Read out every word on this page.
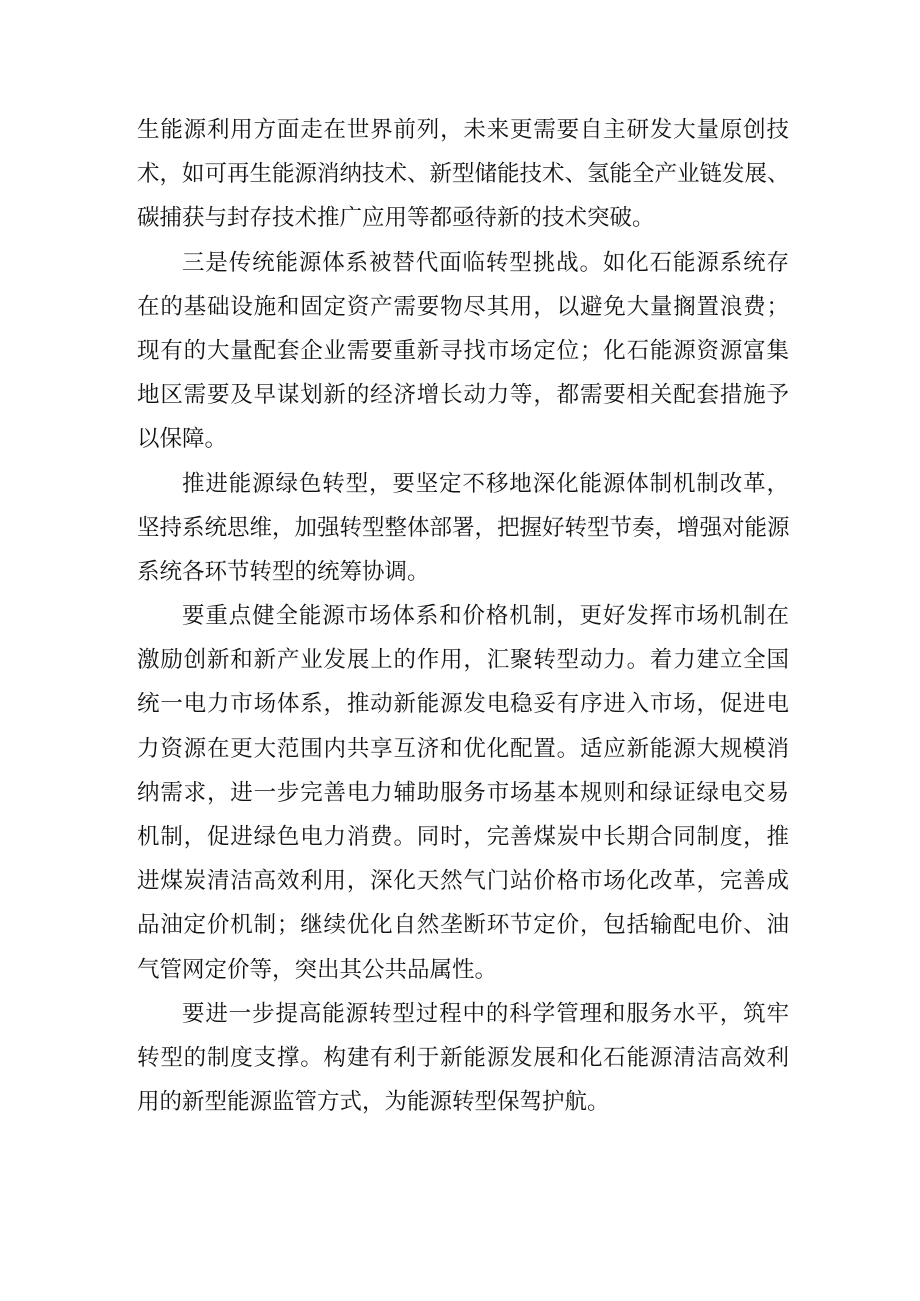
生能源利用方面走在世界前列，未来更需要自主研发大量原创技
术，如可再生能源消纳技术、新型储能技术、氢能全产业链发展、
碳捕获与封存技术推广应用等都亟待新的技术突破。

三是传统能源体系被替代面临转型挑战。如化石能源系统存
在的基础设施和固定资产需要物尽其用，以避免大量搁置浪费；
现有的大量配套企业需要重新寻找市场定位；化石能源资源富集
地区需要及早谋划新的经济增长动力等，都需要相关配套措施予
以保障。

推进能源绿色转型，要坚定不移地深化能源体制机制改革，
坚持系统思维，加强转型整体部署，把握好转型节奏，增强对能源
系统各环节转型的统筹协调。

要重点健全能源市场体系和价格机制，更好发挥市场机制在
激励创新和新产业发展上的作用，汇聚转型动力。着力建立全国
统一电力市场体系，推动新能源发电稳妥有序进入市场，促进电
力资源在更大范围内共享互济和优化配置。适应新能源大规模消
纳需求，进一步完善电力辅助服务市场基本规则和绿证绿电交易
机制，促进绿色电力消费。同时，完善煤炭中长期合同制度，推
进煤炭清洁高效利用，深化天然气门站价格市场化改革，完善成
品油定价机制；继续优化自然垄断环节定价，包括输配电价、油
气管网定价等，突出其公共品属性。

要进一步提高能源转型过程中的科学管理和服务水平，筑牢
转型的制度支撑。构建有利于新能源发展和化石能源清洁高效利
用的新型能源监管方式，为能源转型保驾护航。
